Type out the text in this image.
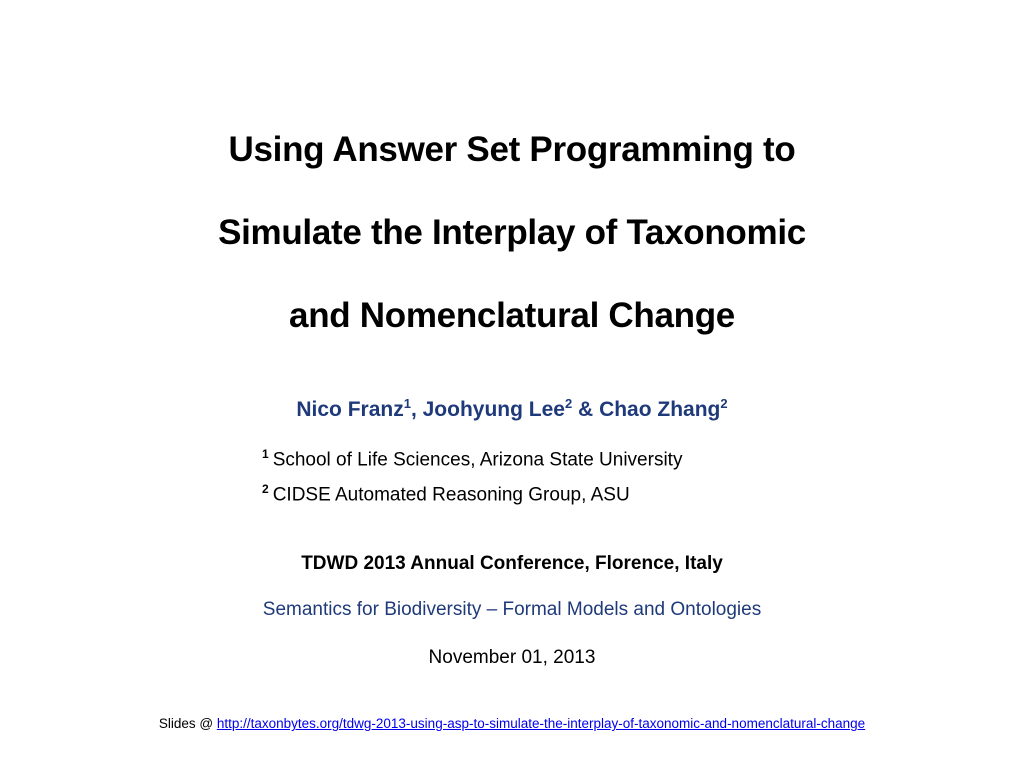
Using Answer Set Programming to
Simulate the Interplay of Taxonomic
and Nomenclatural Change
Nico Franz$^1$, Joohyung Lee$^2$ & Chao Zhang$^2$
$^1$ School of Life Sciences, Arizona State University
$^2$ CIDSE Automated Reasoning Group, ASU
TDWD 2013 Annual Conference, Florence, Italy
Semantics for Biodiversity – Formal Models and Ontologies
November 01, 2013
Slides @ http://taxonbytes.org/tdwg-2013-using-asp-to-simulate-the-interplay-of-taxonomic-and-nomenclatural-change
